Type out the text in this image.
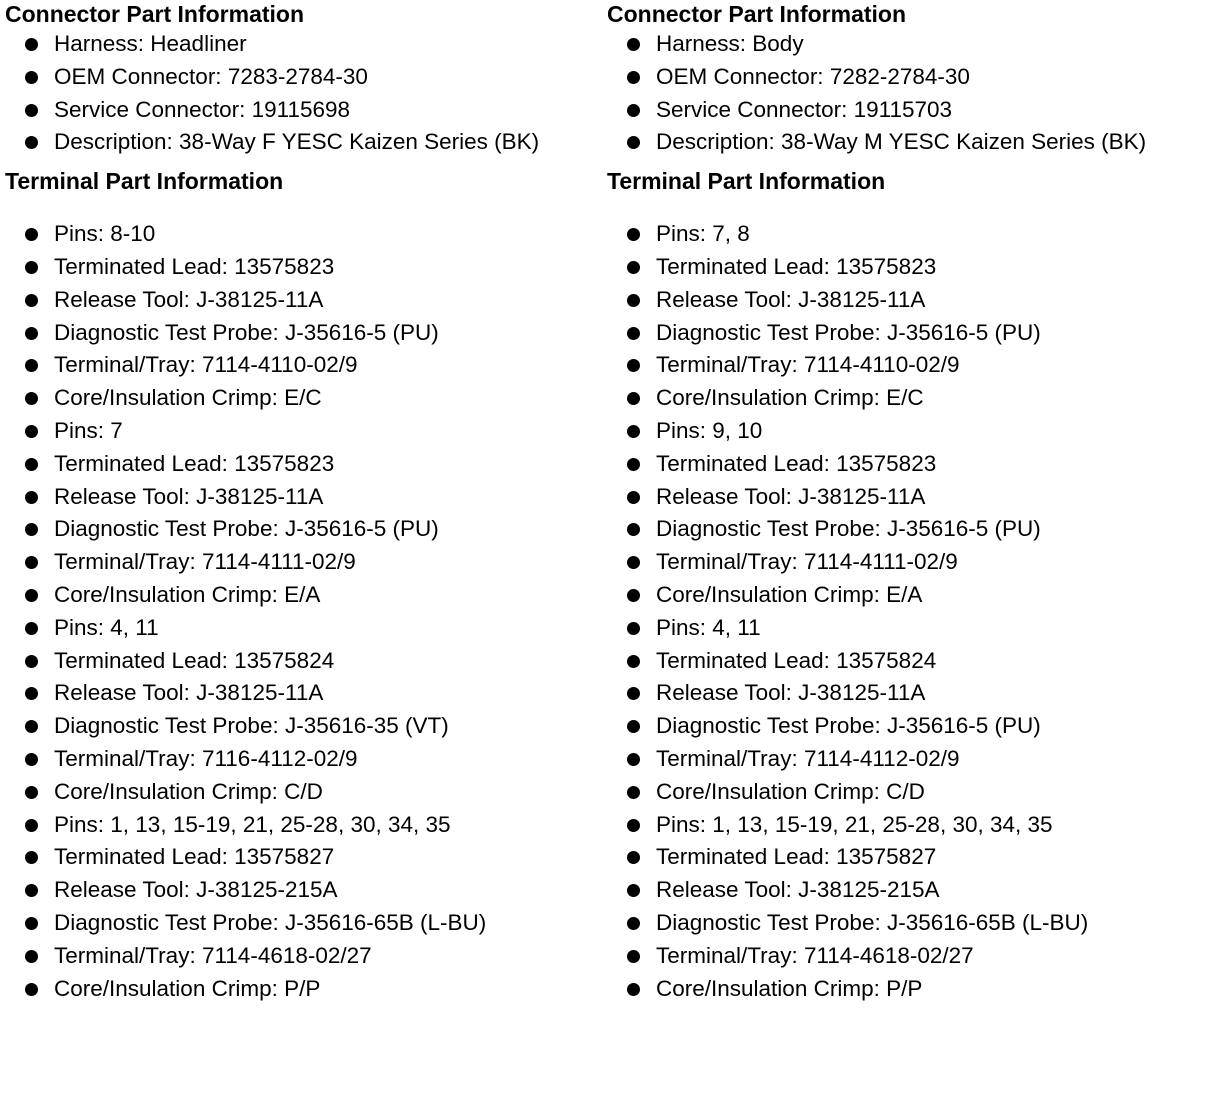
Connector Part Information
Harness: Headliner
OEM Connector: 7283-2784-30
Service Connector: 19115698
Description: 38-Way F YESC Kaizen Series (BK)
Terminal Part Information
Pins: 8-10
Terminated Lead: 13575823
Release Tool: J-38125-11A
Diagnostic Test Probe: J-35616-5 (PU)
Terminal/Tray: 7114-4110-02/9
Core/Insulation Crimp: E/C
Pins: 7
Terminated Lead: 13575823
Release Tool: J-38125-11A
Diagnostic Test Probe: J-35616-5 (PU)
Terminal/Tray: 7114-4111-02/9
Core/Insulation Crimp: E/A
Pins: 4, 11
Terminated Lead: 13575824
Release Tool: J-38125-11A
Diagnostic Test Probe: J-35616-35 (VT)
Terminal/Tray: 7116-4112-02/9
Core/Insulation Crimp: C/D
Pins: 1, 13, 15-19, 21, 25-28, 30, 34, 35
Terminated Lead: 13575827
Release Tool: J-38125-215A
Diagnostic Test Probe: J-35616-65B (L-BU)
Terminal/Tray: 7114-4618-02/27
Core/Insulation Crimp: P/P
Connector Part Information
Harness: Body
OEM Connector: 7282-2784-30
Service Connector: 19115703
Description: 38-Way M YESC Kaizen Series (BK)
Terminal Part Information
Pins: 7, 8
Terminated Lead: 13575823
Release Tool: J-38125-11A
Diagnostic Test Probe: J-35616-5 (PU)
Terminal/Tray: 7114-4110-02/9
Core/Insulation Crimp: E/C
Pins: 9, 10
Terminated Lead: 13575823
Release Tool: J-38125-11A
Diagnostic Test Probe: J-35616-5 (PU)
Terminal/Tray: 7114-4111-02/9
Core/Insulation Crimp: E/A
Pins: 4, 11
Terminated Lead: 13575824
Release Tool: J-38125-11A
Diagnostic Test Probe: J-35616-5 (PU)
Terminal/Tray: 7114-4112-02/9
Core/Insulation Crimp: C/D
Pins: 1, 13, 15-19, 21, 25-28, 30, 34, 35
Terminated Lead: 13575827
Release Tool: J-38125-215A
Diagnostic Test Probe: J-35616-65B (L-BU)
Terminal/Tray: 7114-4618-02/27
Core/Insulation Crimp: P/P
